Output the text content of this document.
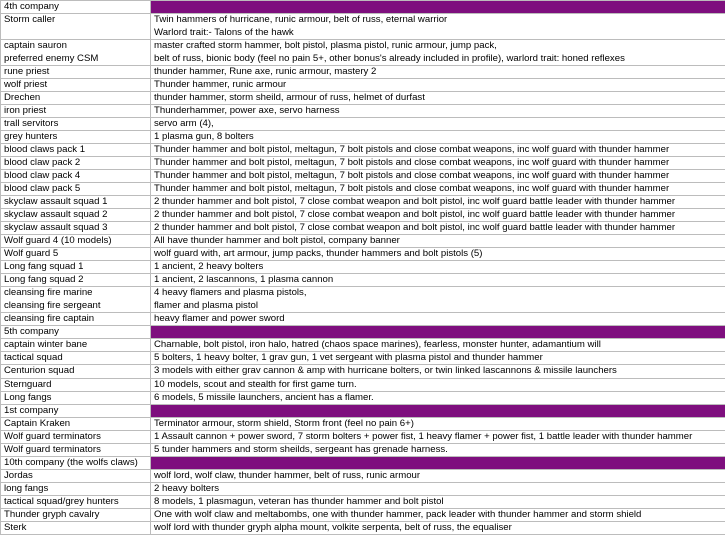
4th company	

Storm caller	Twin hammers of hurricane, runic armour, belt of russ, eternal warrior
Warlord trait:- Talons of the hawk

captain sauron
preferred enemy CSM	master crafted storm hammer, bolt pistol, plasma pistol, runic armour, jump pack,
belt of russ, bionic body (feel no pain 5+, other bonus's already included in profile), warlord trait: honed reflexes

rune priest	thunder hammer, Rune axe, runic armour, mastery 2

wolf priest	Thunder hammer, runic armour

Drechen	thunder hammer, storm sheild, armour of russ, helmet of durfast

iron priest	Thunderhammer, power axe, servo harness

trall servitors	servo arm (4),

grey hunters	1 plasma gun, 8 bolters

blood claws pack 1	Thunder hammer and bolt pistol, meltagun, 7 bolt pistols and close combat weapons, inc wolf guard with thunder hammer

blood claw pack 2	Thunder hammer and bolt pistol, meltagun, 7 bolt pistols and close combat weapons, inc wolf guard with thunder hammer

blood claw pack 4	Thunder hammer and bolt pistol, meltagun, 7 bolt pistols and close combat weapons, inc wolf guard with thunder hammer

blood claw pack 5	Thunder hammer and bolt pistol, meltagun, 7 bolt pistols and close combat weapons, inc wolf guard with thunder hammer

skyclaw assault squad 1	2 thunder hammer and bolt pistol, 7 close combat weapon and bolt pistol, inc wolf guard battle leader with thunder hammer

skyclaw assault squad 2	2 thunder hammer and bolt pistol, 7 close combat weapon and bolt pistol, inc wolf guard battle leader with thunder hammer

skyclaw assault squad 3	2 thunder hammer and bolt pistol, 7 close combat weapon and bolt pistol, inc wolf guard battle leader with thunder hammer

Wolf guard 4 (10 models)	All have thunder hammer and bolt pistol, company banner

Wolf guard 5	wolf guard with, art armour, jump packs, thunder hammers and bolt pistols (5)

Long fang squad 1	1 ancient, 2 heavy bolters

Long fang squad 2	1 ancient, 2 lascannons, 1 plasma cannon

cleansing fire marine
cleansing fire sergeant	4 heavy flamers and plasma pistols,
flamer and plasma pistol

cleansing fire captain	heavy flamer and power sword

5th company	

captain winter bane	Charnable, bolt pistol, iron halo, hatred (chaos space marines), fearless, monster hunter, adamantium will

tactical squad	5 bolters, 1 heavy bolter, 1 grav gun, 1 vet sergeant with plasma pistol and thunder hammer

Centurion squad	3 models with either grav cannon & amp with hurricane bolters, or twin linked lascannons & missile launchers

Sternguard	10 models, scout and stealth for first game turn.

Long fangs	6 models, 5 missile launchers, ancient has a flamer.

1st company	

Captain Kraken	Terminator armour, storm shield, Storm front (feel no pain 6+)

Wolf guard terminators	1 Assault cannon + power sword, 7 storm bolters + power fist, 1 heavy flamer + power fist, 1 battle leader with thunder hammer

Wolf guard terminators	5 tunder hammers and storm sheilds, sergeant has grenade harness.

10th company (the wolfs claws)	

Jordas	wolf lord, wolf claw, thunder hammer, belt of russ, runic armour

long fangs	2 heavy bolters

tactical squad/grey hunters	8 models, 1 plasmagun, veteran has thunder hammer and bolt pistol

Thunder gryph cavalry	One with wolf claw and meltabombs, one with thunder hammer, pack leader with thunder hammer and storm shield

Sterk	wolf lord with thunder gryph alpha mount, volkite serpenta, belt of russ, the equaliser
